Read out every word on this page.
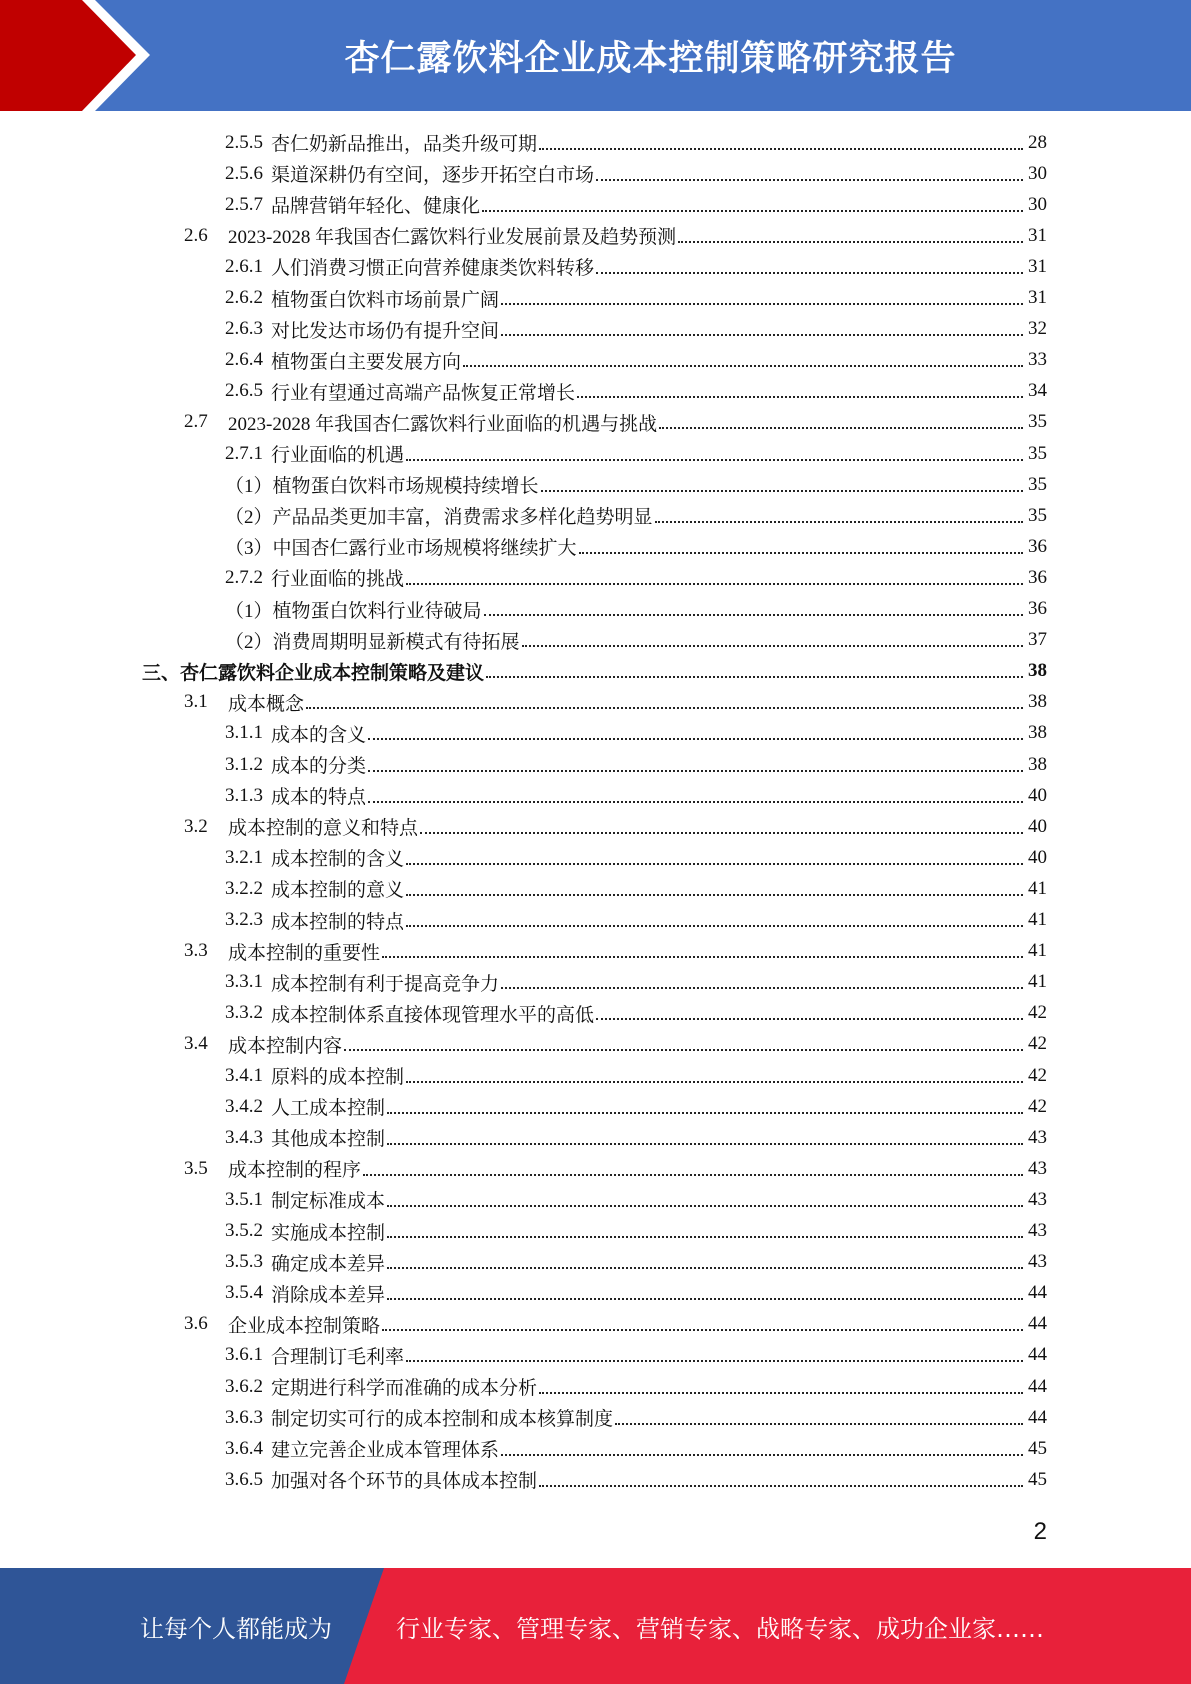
杏仁露饮料企业成本控制策略研究报告
2.5.5 杏仁奶新品推出，品类升级可期	28
2.5.6 渠道深耕仍有空间，逐步开拓空白市场	30
2.5.7 品牌营销年轻化、健康化	30
2.6	2023-2028 年我国杏仁露饮料行业发展前景及趋势预测	31
2.6.1 人们消费习惯正向营养健康类饮料转移	31
2.6.2 植物蛋白饮料市场前景广阔	31
2.6.3 对比发达市场仍有提升空间	32
2.6.4 植物蛋白主要发展方向	33
2.6.5 行业有望通过高端产品恢复正常增长	34
2.7	2023-2028 年我国杏仁露饮料行业面临的机遇与挑战	35
2.7.1 行业面临的机遇	35
（1） 植物蛋白饮料市场规模持续增长	35
（2） 产品品类更加丰富，消费需求多样化趋势明显	35
（3） 中国杏仁露行业市场规模将继续扩大	36
2.7.2 行业面临的挑战	36
（1） 植物蛋白饮料行业待破局	36
（2） 消费周期明显新模式有待拓展	37
三、 杏仁露饮料企业成本控制策略及建议	38
3.1	成本概念	38
3.1.1 成本的含义	38
3.1.2 成本的分类	38
3.1.3 成本的特点	40
3.2	成本控制的意义和特点	40
3.2.1 成本控制的含义	40
3.2.2 成本控制的意义	41
3.2.3 成本控制的特点	41
3.3	成本控制的重要性	41
3.3.1 成本控制有利于提高竞争力	41
3.3.2 成本控制体系直接体现管理水平的高低	42
3.4	成本控制内容	42
3.4.1 原料的成本控制	42
3.4.2 人工成本控制	42
3.4.3 其他成本控制	43
3.5	成本控制的程序	43
3.5.1 制定标准成本	43
3.5.2 实施成本控制	43
3.5.3 确定成本差异	43
3.5.4 消除成本差异	44
3.6	企业成本控制策略	44
3.6.1 合理制订毛利率	44
3.6.2 定期进行科学而准确的成本分析	44
3.6.3 制定切实可行的成本控制和成本核算制度	44
3.6.4 建立完善企业成本管理体系	45
3.6.5 加强对各个环节的具体成本控制	45
2
让每个人都能成为	行业专家、管理专家、营销专家、战略专家、成功企业家……
